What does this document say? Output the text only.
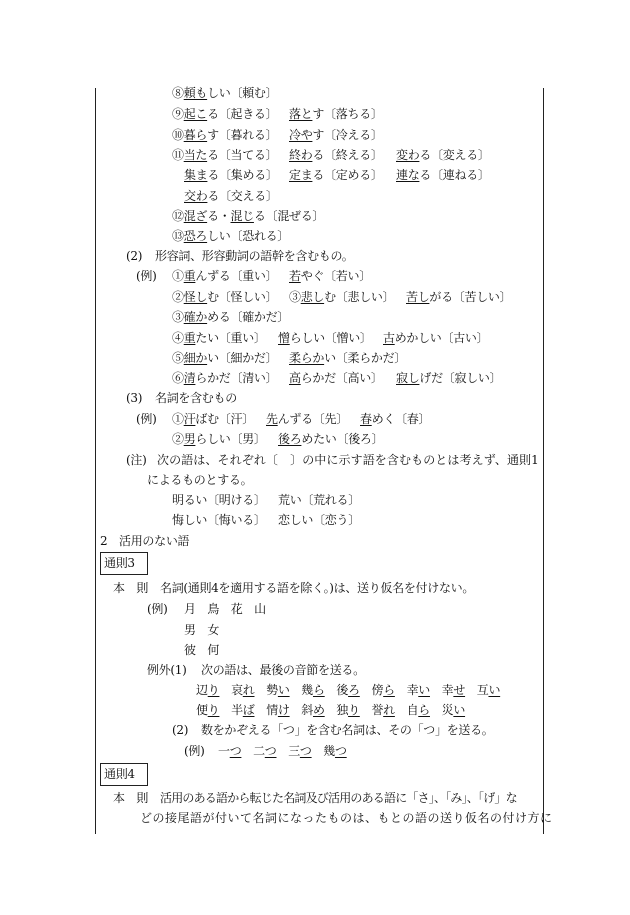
⑧頼もしい〔頼む〕
⑨起こる〔起きる〕 落とす〔落ちる〕
⑩暮らす〔暮れる〕 冷やす〔冷える〕
⑪当たる〔当てる〕 終わる〔終える〕 変わる〔変える〕
集まる〔集める〕 定まる〔定める〕 連なる〔連ねる〕
交わる〔交える〕
⑫混ざる・混じる〔混ぜる〕
⑬恐ろしい〔恐れる〕
(2) 形容詞、形容動詞の語幹を含むもの。
(例) ①重んずる〔重い〕 若やぐ〔若い〕
②怪しむ〔怪しい〕 ③悲しむ〔悲しい〕 苦しがる〔苦しい〕
③確かめる〔確かだ〕
④重たい〔重い〕 憎らしい〔憎い〕 古めかしい〔古い〕
⑤細かい〔細かだ〕 柔らかい〔柔らかだ〕
⑥清らかだ〔清い〕 高らかだ〔高い〕 寂しげだ〔寂しい〕
(3) 名詞を含むもの
(例) ①汗ばむ〔汗〕 先んずる〔先〕 春めく〔春〕
②男らしい〔男〕 後ろめたい〔後ろ〕
(注) 次の語は、それぞれ〔　〕の中に示す語を含むものとは考えず、通則1
によるものとする。
明るい〔明ける〕 荒い〔荒れる〕
悔しい〔悔いる〕 恋しい〔恋う〕
2　活用のない語
通則3
本　則 名詞(通則4を適用する語を除く。)は、送り仮名を付けない。
(例) 月 鳥 花 山
男 女
彼 何
例外(1) 次の語は、最後の音節を送る。
辺り 哀れ 勢い 幾ら 後ろ 傍ら 幸い 幸せ 互い
便り 半ば 情け 斜め 独り 誉れ 自ら 災い
(2) 数をかぞえる「つ」を含む名詞は、その「つ」を送る。
(例) 一つ 二つ 三つ 幾つ
通則4
本　則 活用のある語から転じた名詞及び活用のある語に「さ」、「み」、「げ」な
どの接尾語が付いて名詞になったものは、もとの語の送り仮名の付け方に
